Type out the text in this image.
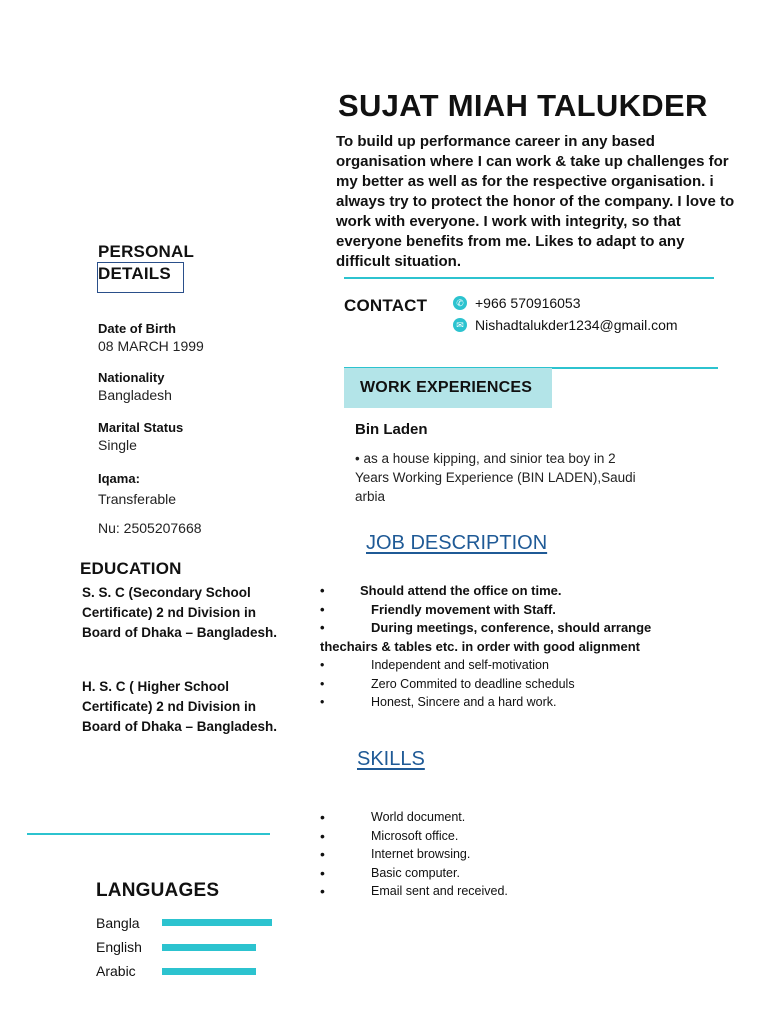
SUJAT MIAH TALUKDER
To build up performance career in any based organisation where I can work & take up challenges for my better as well as for the respective organisation. i always try to protect the honor of the company. I love to work with everyone. I work with integrity, so that everyone benefits from me. Likes to adapt to any difficult situation.
PERSONAL
DETAILS
Date of Birth
08 MARCH 1999
Nationality
Bangladesh
Marital Status
Single
Iqama:
Transferable
Nu: 2505207668
EDUCATION
S. S. C (Secondary School Certificate) 2 nd Division in Board of Dhaka – Bangladesh.
H. S. C ( Higher School Certificate) 2 nd Division in Board of Dhaka – Bangladesh.
LANGUAGES
Bangla
English
Arabic
CONTACT	✆ +966 570916053
✉ Nishadtalukder1234@gmail.com
WORK EXPERIENCES
Bin Laden
• as a house kipping, and sinior tea boy in 2
Years Working Experience (BIN LADEN),Saudi
arbia
JOB DESCRIPTION
•	Should attend the office on time.
•	Friendly movement with Staff.
•	During meetings, conference, should arrange
thechairs & tables etc. in order with good alignment
•	Independent and self-motivation
•	Zero Commited to deadline scheduls
•	Honest, Sincere and a hard work.
SKILLS
•	World document.
•	Microsoft office.
•	Internet browsing.
•	Basic computer.
•	Email sent and received.
